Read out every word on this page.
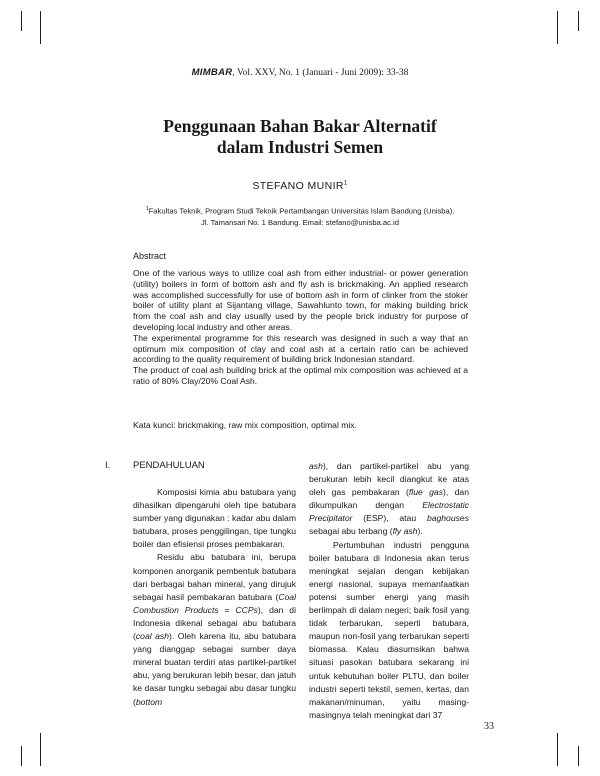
MIMBAR, Vol. XXV, No. 1 (Januari - Juni 2009): 33-38
Penggunaan Bahan Bakar Alternatif
dalam Industri Semen
STEFANO MUNIR$^1$
$^1$Fakultas Teknik, Program Studi Teknik Pertambangan Universitas Islam Bandung (Unisba).
Jl. Tamansari No. 1 Bandung. Email: stefano@unisba.ac.id
Abstract

One of the various ways to utilize coal ash from either industrial- or power generation (utility) boilers in form of bottom ash and fly ash is brickmaking. An applied research was accomplished successfully for use of bottom ash in form of clinker from the stoker boiler of utility plant at Sijantang village, Sawahlunto town, for making building brick from the coal ash and clay usually used by the people brick industry for purpose of developing local industry and other areas.

The experimental programme for this research was designed in such a way that an optimum mix composition of clay and coal ash at a certain ratio can be achieved according to the quality requirement of building brick Indonesian standard.

The product of coal ash building brick at the optimal mix composition was achieved at a ratio of 80% Clay/20% Coal Ash.

Kata kunci: brickmaking, raw mix composition, optimal mix.
I. PENDAHULUAN

Komposisi kimia abu batubara yang dihasilkan dipengaruhi oleh tipe batubara sumber yang digunakan : kadar abu dalam batubara, proses penggilingan, tipe tungku boiler dan efisiensi proses pembakaran.

Residu abu batubara ini, berupa komponen anorganik pembentuk batubara dari berbagai bahan mineral, yang dirujuk sebagai hasil pembakaran batubara (Coal Combustion Products = CCPs), dan di Indonesia dikenal sebagai abu batubara (coal ash). Oleh karena itu, abu batubara yang dianggap sebagai sumber daya mineral buatan terdiri atas partikel-partikel abu, yang berukuran lebih besar, dan jatuh ke dasar tungku sebagai abu dasar tungku (bottom

ash), dan partikel-partikel abu yang berukuran lebih kecil diangkut ke atas oleh gas pembakaran (flue gas), dan dikumpulkan dengan Electrostatic Precipitator (ESP), atau baghouses sebagai abu terbang (fly ash).

Pertumbuhan industri pengguna boiler batubara di Indonesia akan terus meningkat sejalan dengan kebijakan energi nasional, supaya memanfaatkan potensi sumber energi yang masih berlimpah di dalam negeri; baik fosil yang tidak terbarukan, seperti batubara, maupun non-fosil yang terbarukan seperti biomassa. Kalau diasumsikan bahwa situasi pasokan batubara sekarang ini untuk kebutuhan boiler PLTU, dan boiler industri seperti tekstil, semen, kertas, dan makanan/minuman, yaitu masing-masingnya telah meningkat dari 37

33
